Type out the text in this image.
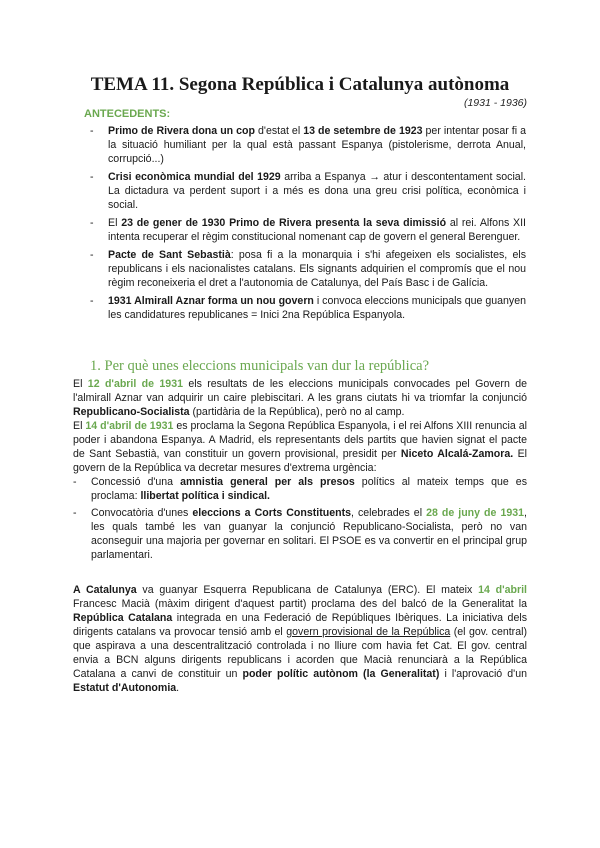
TEMA 11. Segona República i Catalunya autònoma
(1931 - 1936)
ANTECEDENTS:
- Primo de Rivera dona un cop d'estat el 13 de setembre de 1923 per intentar posar fi a la situació humiliant per la qual està passant Espanya (pistolerisme, derrota Anual, corrupció...)
- Crisi econòmica mundial del 1929 arriba a Espanya → atur i descontentament social. La dictadura va perdent suport i a més es dona una greu crisi política, econòmica i social.
- El 23 de gener de 1930 Primo de Rivera presenta la seva dimissió al rei. Alfons XII intenta recuperar el règim constitucional nomenant cap de govern el general Berenguer.
- Pacte de Sant Sebastià: posa fi a la monarquia i s'hi afegeixen els socialistes, els republicans i els nacionalistes catalans. Els signants adquirien el compromís que el nou règim reconeixeria el dret a l'autonomia de Catalunya, del País Basc i de Galícia.
- 1931 Almirall Aznar forma un nou govern i convoca eleccions municipals que guanyen les candidatures republicanes = Inici 2na República Espanyola.
1. Per què unes eleccions municipals van dur la república?

El 12 d'abril de 1931 els resultats de les eleccions municipals convocades pel Govern de l'almirall Aznar van adquirir un caire plebiscitari. A les grans ciutats hi va triomfar la conjunció Republicano-Socialista (partidària de la República), però no al camp.

El 14 d'abril de 1931 es proclama la Segona República Espanyola, i el rei Alfons XIII renuncia al poder i abandona Espanya. A Madrid, els representants dels partits que havien signat el pacte de Sant Sebastià, van constituir un govern provisional, presidit per Niceto Alcalá-Zamora. El govern de la República va decretar mesures d'extrema urgència:

- Concessió d'una amnistia general per als presos polítics al mateix temps que es proclama: llibertat política i sindical.
- Convocatòria d'unes eleccions a Corts Constituents, celebrades el 28 de juny de 1931, les quals també les van guanyar la conjunció Republicano-Socialista, però no van aconseguir una majoria per governar en solitari. El PSOE es va convertir en el principal grup parlamentari.
A Catalunya va guanyar Esquerra Republicana de Catalunya (ERC). El mateix 14 d'abril Francesc Macià (màxim dirigent d'aquest partit) proclama des del balcó de la Generalitat la República Catalana integrada en una Federació de Repúbliques Ibèriques. La iniciativa dels dirigents catalans va provocar tensió amb el govern provisional de la República (el gov. central) que aspirava a una descentralització controlada i no lliure com havia fet Cat. El gov. central envia a BCN alguns dirigents republicans i acorden que Macià renunciarà a la República Catalana a canvi de constituir un poder polític autònom (la Generalitat) i l'aprovació d'un Estatut d'Autonomia.
